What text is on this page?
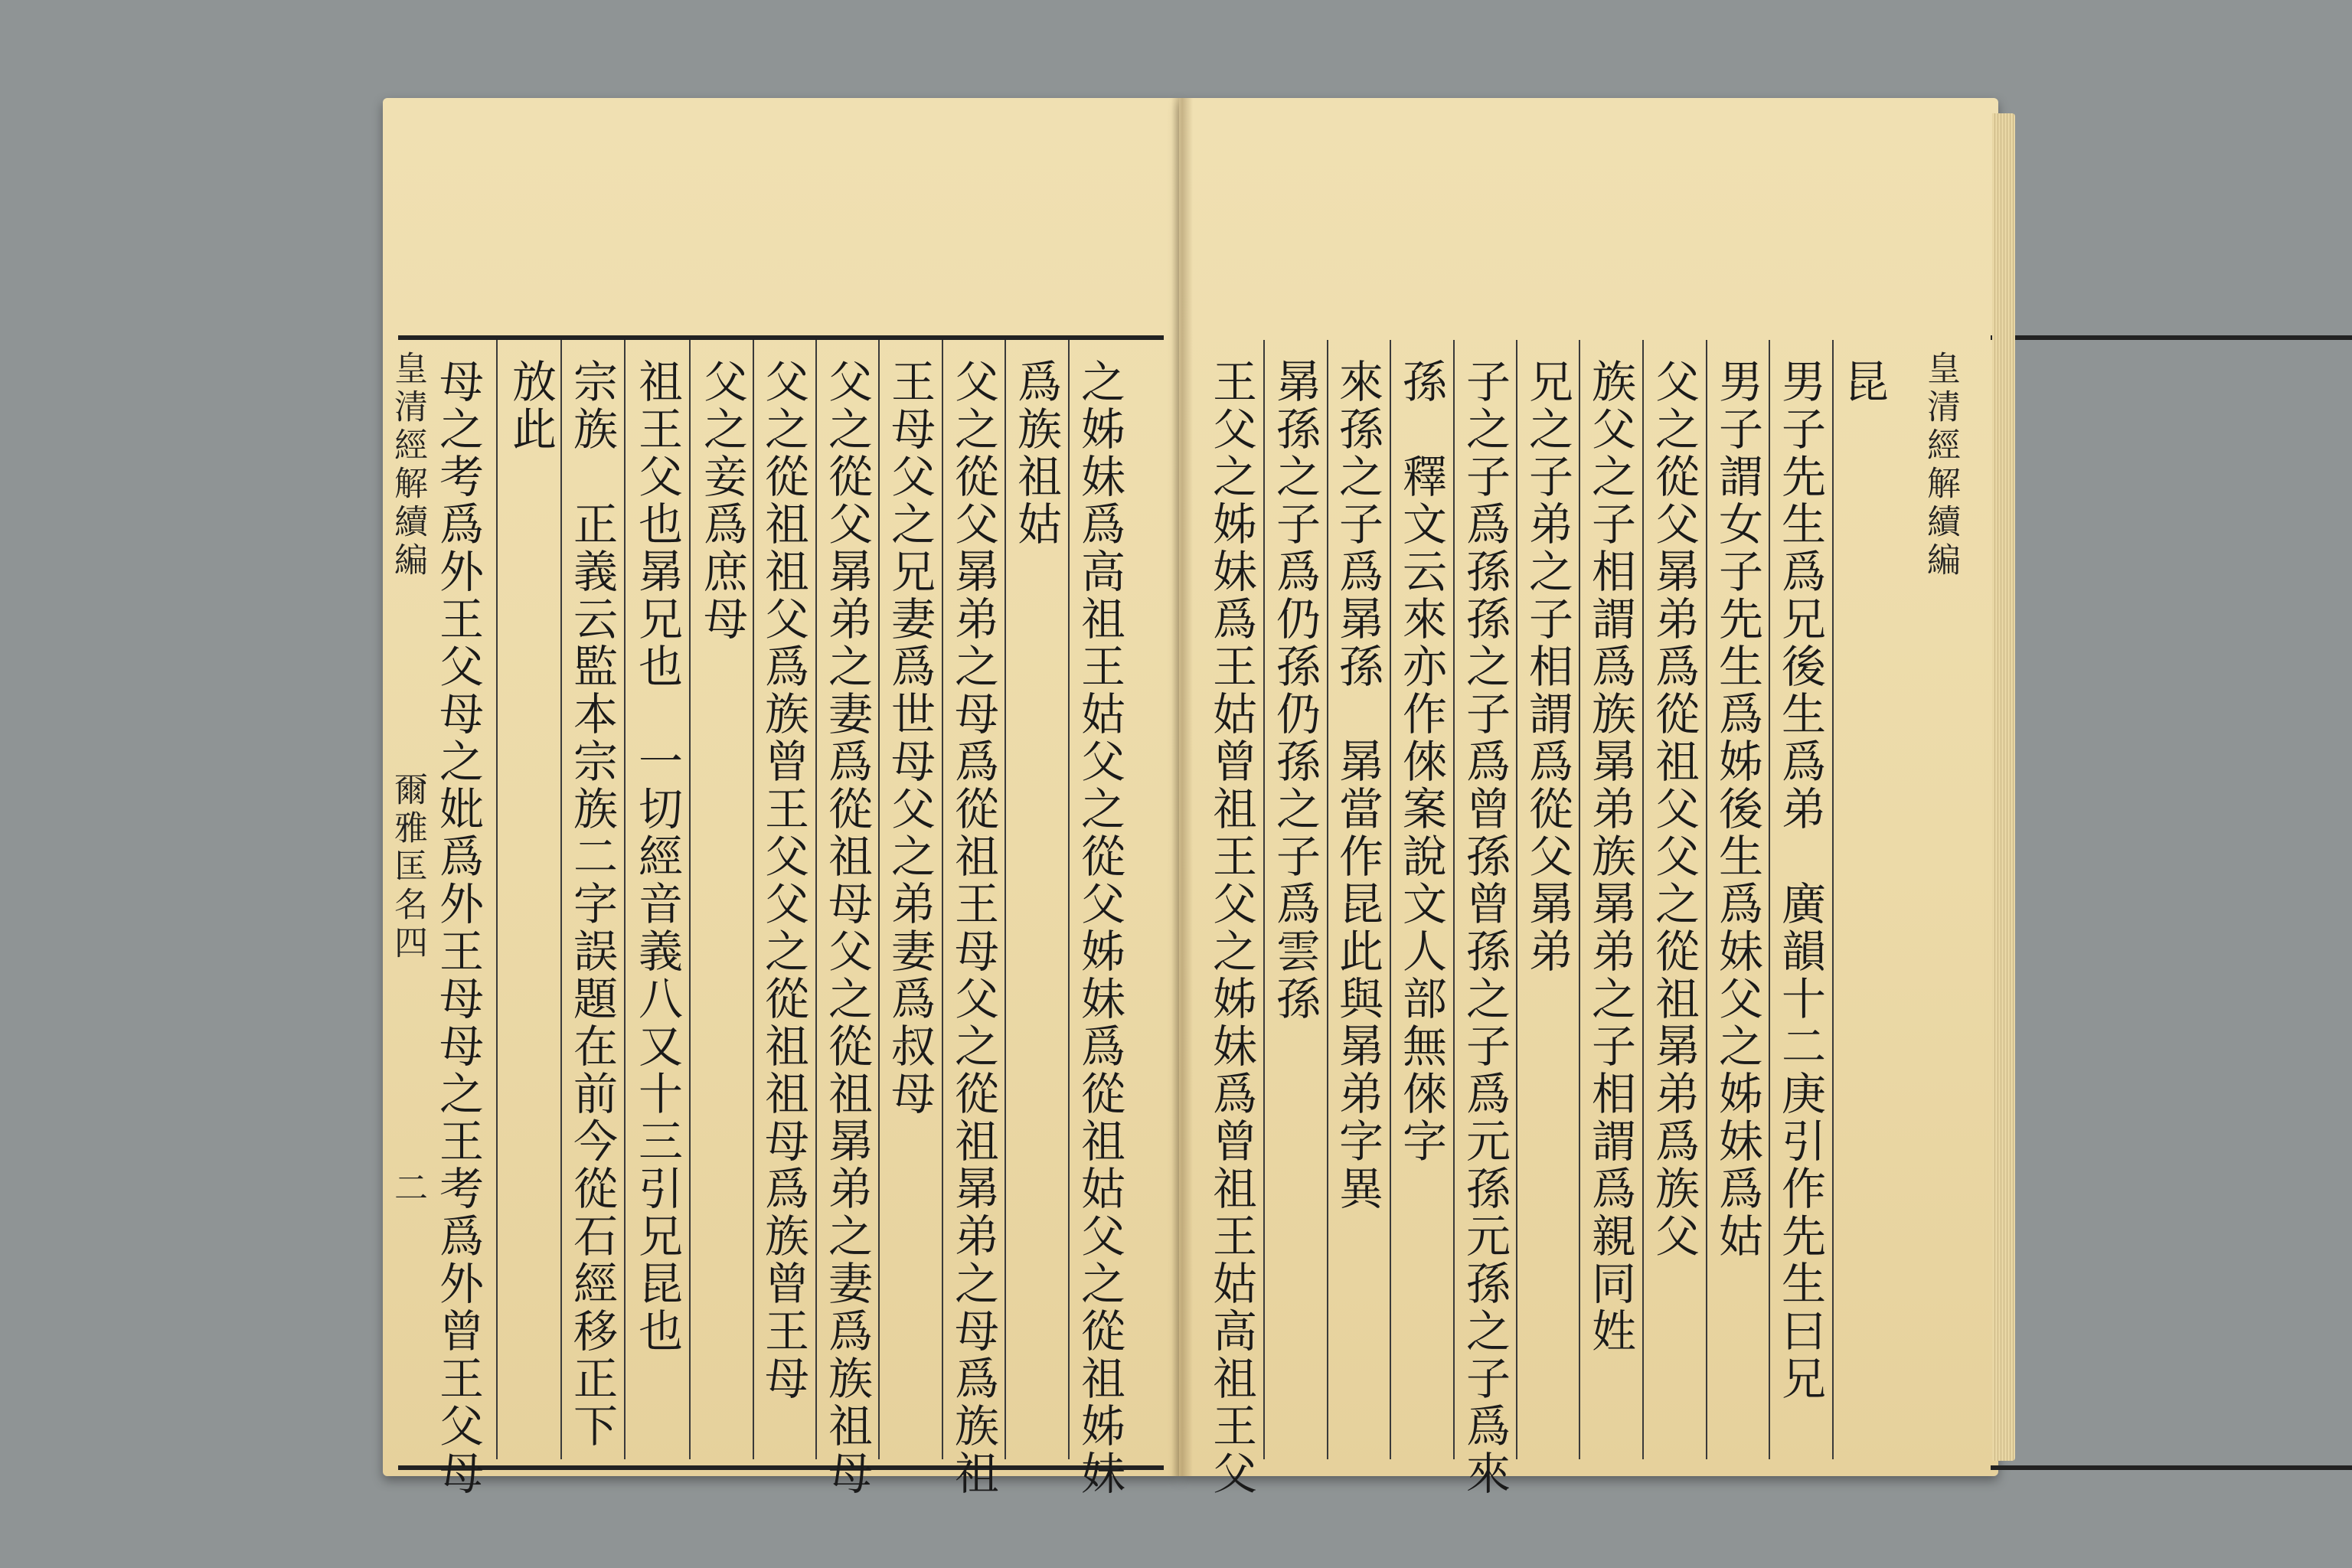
母之考爲外王父母之妣爲外王母母之王考爲外曾王父母 放此 宗族　正義云監本宗族二字誤題在前今從石經移正下 祖王父也晜兄也　一切經音義八又十三引兄昆也 父之妾爲庶母 父之從祖祖父爲族曾王父父之從祖祖母爲族曾王母 父之從父晜弟之妻爲從祖母父之從祖晜弟之妻爲族祖母 王母父之兄妻爲世母父之弟妻爲叔母 父之從父晜弟之母爲從祖王母父之從祖晜弟之母爲族祖 爲族祖姑 之姊妹爲高祖王姑父之從父姊妹爲從祖姑父之從祖姊妹
皇清經解續編
爾雅匡名四
二	王父之姊妹爲王姑曾祖王父之姊妹爲曾祖王姑高祖王父 晜孫之子爲仍孫仍孫之子爲雲孫 來孫之子爲晜孫　晜當作昆此與晜弟字異 孫　釋文云來亦作倈案說文人部無倈字 子之子爲孫孫之子爲曾孫曾孫之子爲元孫元孫之子爲來 兄之子弟之子相謂爲從父晜弟 族父之子相謂爲族晜弟族晜弟之子相謂爲親同姓 父之從父晜弟爲從祖父父之從祖晜弟爲族父 男子謂女子先生爲姊後生爲妹父之姊妹爲姑 男子先生爲兄後生爲弟　廣韻十二庚引作先生曰兄 昆 皇清經解續編
